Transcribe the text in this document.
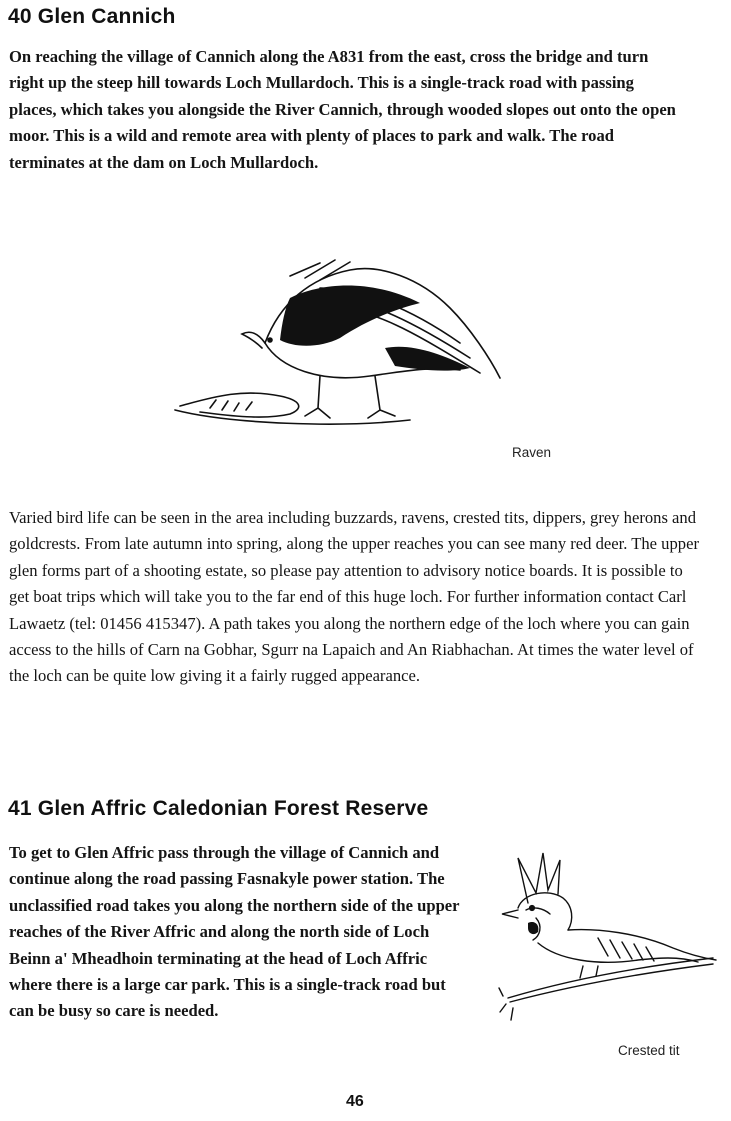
40 Glen Cannich

On reaching the village of Cannich along the A831 from the east, cross the bridge and turn right up the steep hill towards Loch Mullardoch. This is a single-track road with passing places, which takes you alongside the River Cannich, through wooded slopes out onto the open moor. This is a wild and remote area with plenty of places to park and walk. The road terminates at the dam on Loch Mullardoch.

Raven

Varied bird life can be seen in the area including buzzards, ravens, crested tits, dippers, grey herons and goldcrests. From late autumn into spring, along the upper reaches you can see many red deer. The upper glen forms part of a shooting estate, so please pay attention to advisory notice boards. It is possible to get boat trips which will take you to the far end of this huge loch. For further information contact Carl Lawaetz (tel: 01456 415347). A path takes you along the northern edge of the loch where you can gain access to the hills of Carn na Gobhar, Sgurr na Lapaich and An Riabhachan. At times the water level of the loch can be quite low giving it a fairly rugged appearance.

41 Glen Affric Caledonian Forest Reserve

To get to Glen Affric pass through the village of Cannich and continue along the road passing Fasnakyle power station. The unclassified road takes you along the northern side of the upper reaches of the River Affric and along the north side of Loch Beinn a' Mheadhoin terminating at the head of Loch Affric where there is a large car park. This is a single-track road but can be busy so care is needed.

Crested tit
46
